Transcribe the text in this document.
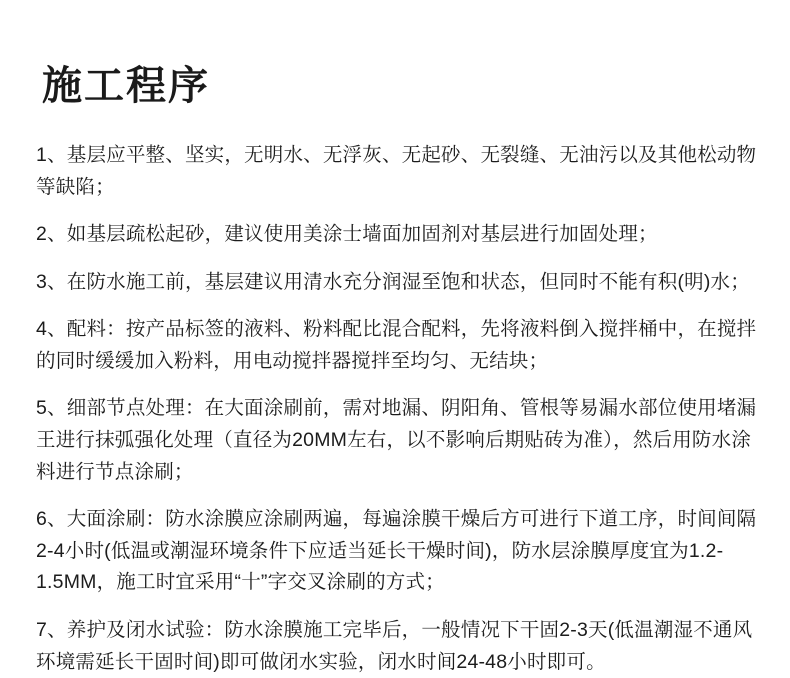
施工程序
1、基层应平整、坚实，无明水、无浮灰、无起砂、无裂缝、无油污以及其他松动物等缺陷；
2、如基层疏松起砂，建议使用美涂士墙面加固剂对基层进行加固处理；
3、在防水施工前，基层建议用清水充分润湿至饱和状态，但同时不能有积(明)水；
4、配料：按产品标签的液料、粉料配比混合配料，先将液料倒入搅拌桶中，在搅拌的同时缓缓加入粉料，用电动搅拌器搅拌至均匀、无结块；
5、细部节点处理：在大面涂刷前，需对地漏、阴阳角、管根等易漏水部位使用堵漏王进行抹弧强化处理（直径为20MM左右，以不影响后期贴砖为准），然后用防水涂料进行节点涂刷；
6、大面涂刷：防水涂膜应涂刷两遍，每遍涂膜干燥后方可进行下道工序，时间间隔2-4小时(低温或潮湿环境条件下应适当延长干燥时间)，防水层涂膜厚度宜为1.2-1.5MM，施工时宜采用“十”字交叉涂刷的方式；
7、养护及闭水试验：防水涂膜施工完毕后，一般情况下干固2-3天(低温潮湿不通风环境需延长干固时间)即可做闭水实验，闭水时间24-48小时即可。
